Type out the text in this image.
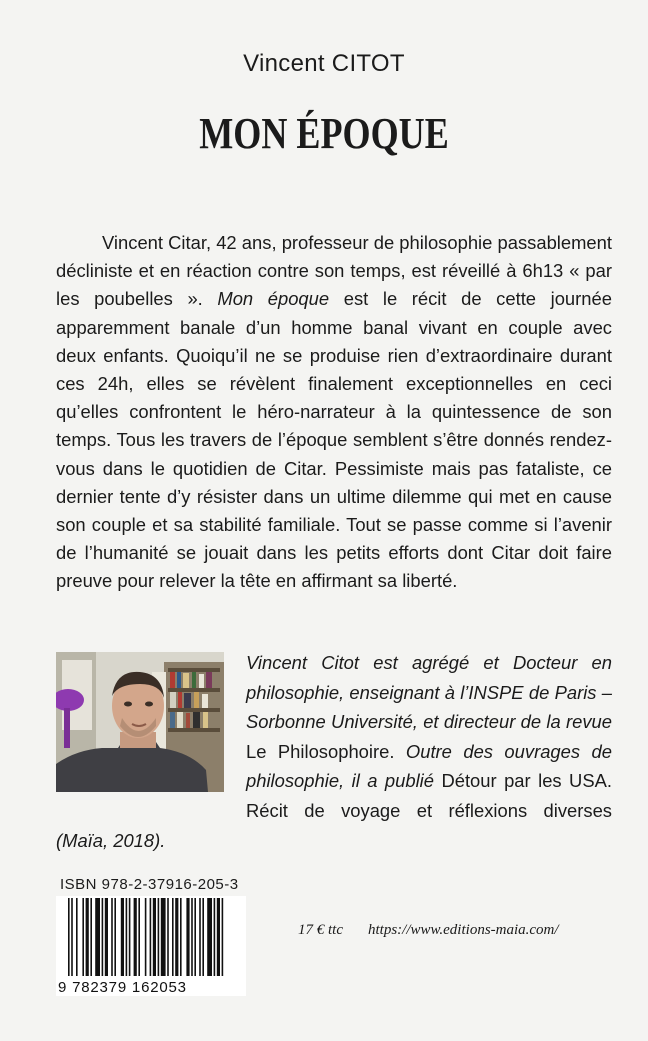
Vincent CITOT
MON ÉPOQUE

Vincent Citar, 42 ans, professeur de philosophie passablement décliniste et en réaction contre son temps, est réveillé à 6h13 « par les poubelles ». Mon époque est le récit de cette journée apparemment banale d’un homme banal vivant en couple avec deux enfants. Quoiqu’il ne se produise rien d’extraordinaire durant ces 24h, elles se révèlent finalement exceptionnelles en ceci qu’elles confrontent le héro-narrateur à la quintessence de son temps. Tous les travers de l’époque semblent s’être donnés rendez-vous dans le quotidien de Citar. Pessimiste mais pas fataliste, ce dernier tente d’y résister dans un ultime dilemme qui met en cause son couple et sa stabilité familiale. Tout se passe comme si l’avenir de l’humanité se jouait dans les petits efforts dont Citar doit faire preuve pour relever la tête en affirmant sa liberté.

Vincent Citot est agrégé et Docteur en philosophie, enseignant à l’INSPE de Paris – Sorbonne Université, et directeur de la revue Le Philosophoire. Outre des ouvrages de philosophie, il a publié Détour par les USA. Récit de voyage et réflexions diverses (Maïa, 2018).

ISBN 978-2-37916-205-3
9 782379 162053
17 € ttc https://www.editions-maia.com/
